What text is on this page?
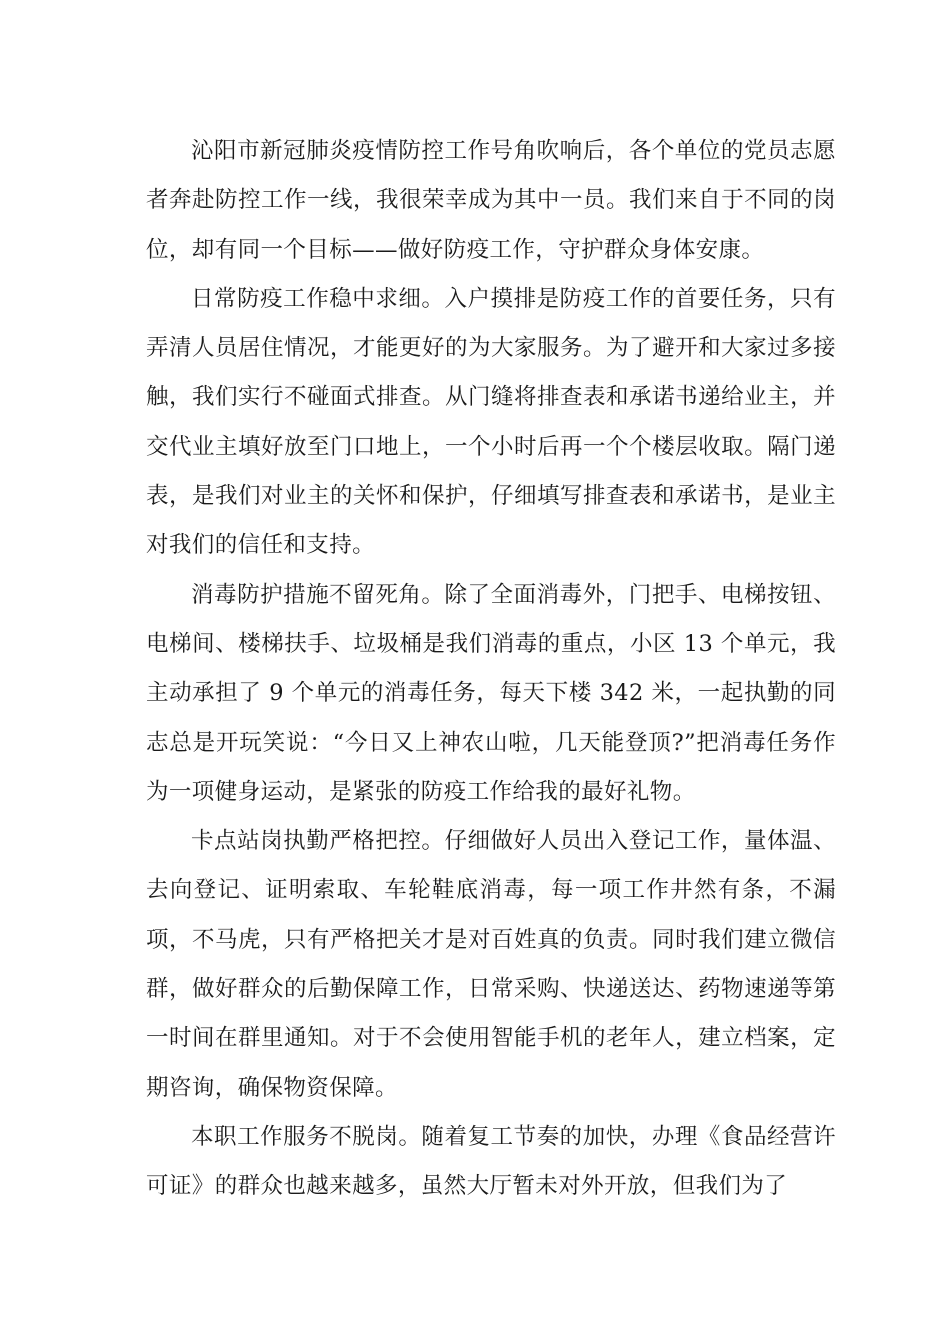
沁阳市新冠肺炎疫情防控工作号角吹响后，各个单位的党员志愿者奔赴防控工作一线，我很荣幸成为其中一员。我们来自于不同的岗位，却有同一个目标——做好防疫工作，守护群众身体安康。

日常防疫工作稳中求细。入户摸排是防疫工作的首要任务，只有弄清人员居住情况，才能更好的为大家服务。为了避开和大家过多接触，我们实行不碰面式排查。从门缝将排查表和承诺书递给业主，并交代业主填好放至门口地上，一个小时后再一个个楼层收取。隔门递表，是我们对业主的关怀和保护，仔细填写排查表和承诺书，是业主对我们的信任和支持。

消毒防护措施不留死角。除了全面消毒外，门把手、电梯按钮、电梯间、楼梯扶手、垃圾桶是我们消毒的重点，小区 13 个单元，我主动承担了 9 个单元的消毒任务，每天下楼 342 米，一起执勤的同志总是开玩笑说：“今日又上神农山啦，几天能登顶?”把消毒任务作为一项健身运动，是紧张的防疫工作给我的最好礼物。

卡点站岗执勤严格把控。仔细做好人员出入登记工作，量体温、去向登记、证明索取、车轮鞋底消毒，每一项工作井然有条，不漏项，不马虎，只有严格把关才是对百姓真的负责。同时我们建立微信群，做好群众的后勤保障工作，日常采购、快递送达、药物速递等第一时间在群里通知。对于不会使用智能手机的老年人，建立档案，定期咨询，确保物资保障。

本职工作服务不脱岗。随着复工节奏的加快，办理《食品经营许可证》的群众也越来越多，虽然大厅暂未对外开放，但我们为了
